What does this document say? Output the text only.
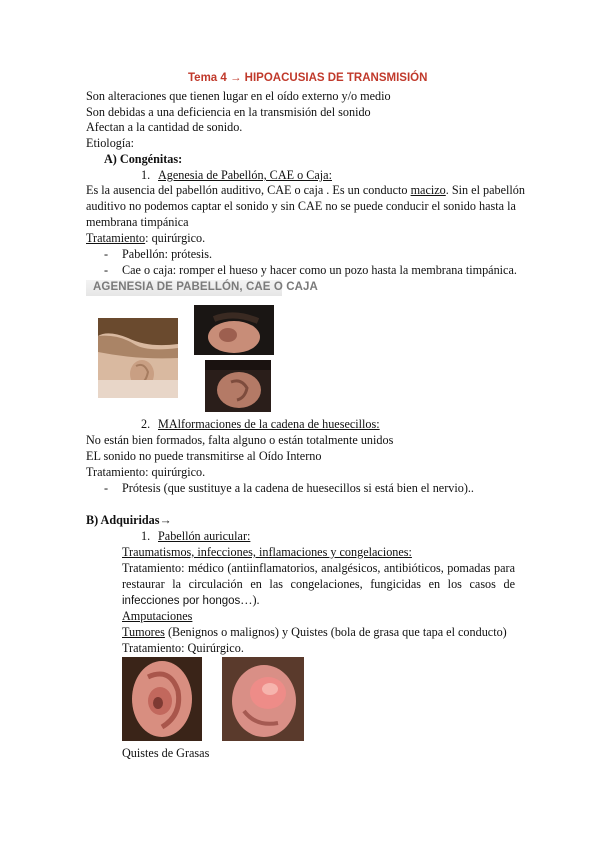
Tema 4 → HIPOACUSIAS DE TRANSMISIÓN
Son alteraciones que tienen lugar en el oído externo y/o medio
Son debidas a una deficiencia en la transmisión del sonido
Afectan a la cantidad de sonido.
Etiología:
A) Congénitas:
1. Agenesia de Pabellón, CAE o Caja:
Es la ausencia del pabellón auditivo, CAE o caja . Es un conducto macizo. Sin el pabellón
auditivo no podemos captar el sonido y sin CAE no se puede conducir el sonido hasta la
membrana timpánica
Tratamiento: quirúrgico.
- Pabellón: prótesis.
- Cae o caja: romper el hueso y hacer como un pozo hasta la membrana timpánica.
AGENESIA DE PABELLÓN, CAE O CAJA
2. MAlformaciones de la cadena de huesecillos:
No están bien formados, falta alguno o están totalmente unidos
EL sonido no puede transmitirse al Oído Interno
Tratamiento: quirúrgico.
- Prótesis (que sustituye a la cadena de huesecillos si está bien el nervio)..
B) Adquiridas→
1. Pabellón auricular:
Traumatismos, infecciones, inflamaciones y congelaciones:
Tratamiento: médico (antiinflamatorios, analgésicos, antibióticos, pomadas para
restaurar la circulación en las congelaciones, fungicidas en los casos de
infecciones por hongos…).
Amputaciones
Tumores (Benignos o malignos) y Quistes (bola de grasa que tapa el conducto)
Tratamiento: Quirúrgico.
Quistes de Grasas
